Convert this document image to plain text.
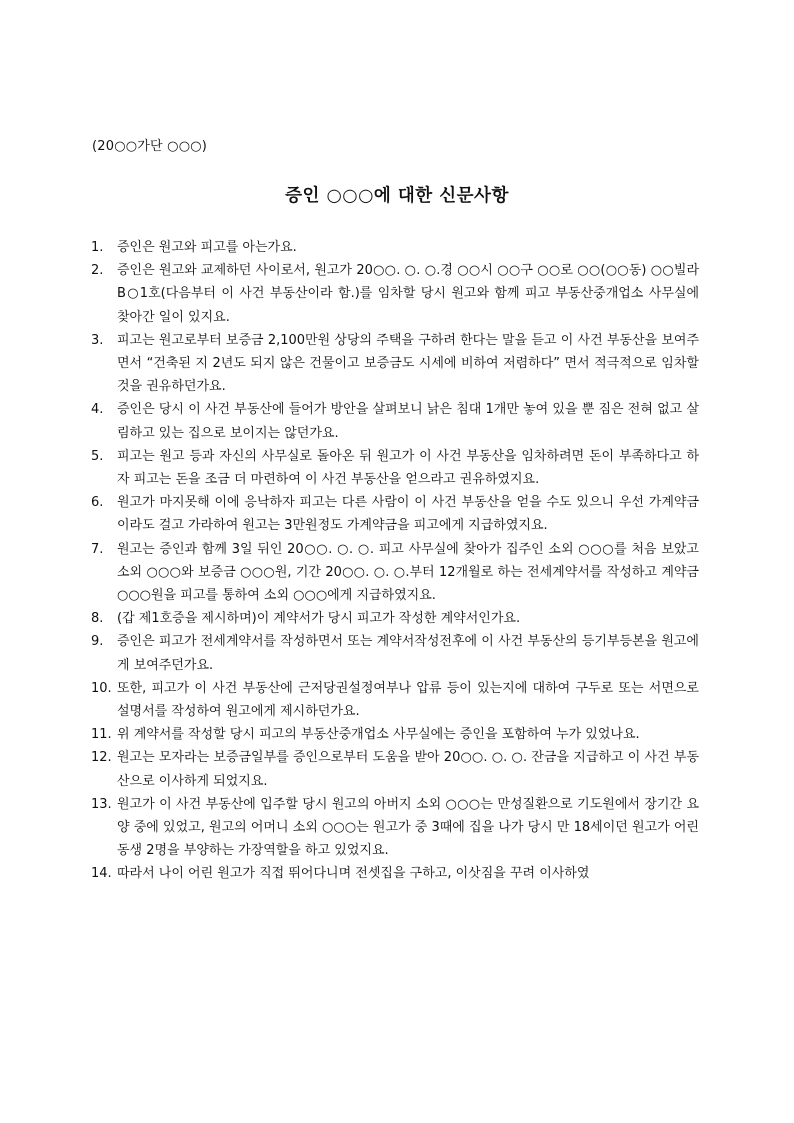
(20○○가단 ○○○)
증인 ○○○에 대한 신문사항
1. 증인은 원고와 피고를 아는가요.
2. 증인은 원고와 교제하던 사이로서, 원고가 20○○. ○. ○.경 ○○시 ○○구 ○○로 ○○(○○동) ○○빌라 B○1호(다음부터 이 사건 부동산이라 함.)를 임차할 당시 원고와 함께 피고 부동산중개업소 사무실에 찾아간 일이 있지요.
3. 피고는 원고로부터 보증금 2,100만원 상당의 주택을 구하려 한다는 말을 듣고 이 사건 부동산을 보여주면서 “건축된 지 2년도 되지 않은 건물이고 보증금도 시세에 비하여 저렴하다” 면서 적극적으로 임차할 것을 권유하던가요.
4. 증인은 당시 이 사건 부동산에 들어가 방안을 살펴보니 낡은 침대 1개만 놓여 있을 뿐 짐은 전혀 없고 살림하고 있는 집으로 보이지는 않던가요.
5. 피고는 원고 등과 자신의 사무실로 돌아온 뒤 원고가 이 사건 부동산을 임차하려면 돈이 부족하다고 하자 피고는 돈을 조금 더 마련하여 이 사건 부동산을 얻으라고 권유하였지요.
6. 원고가 마지못해 이에 응낙하자 피고는 다른 사람이 이 사건 부동산을 얻을 수도 있으니 우선 가계약금이라도 걸고 가라하여 원고는 3만원정도 가계약금을 피고에게 지급하였지요.
7. 원고는 증인과 함께 3일 뒤인 20○○. ○. ○. 피고 사무실에 찾아가 집주인 소외 ○○○를 처음 보았고 소외 ○○○와 보증금 ○○○원, 기간 20○○. ○. ○.부터 12개월로 하는 전세계약서를 작성하고 계약금 ○○○원을 피고를 통하여 소외 ○○○에게 지급하였지요.
8. (갑 제1호증을 제시하며)이 계약서가 당시 피고가 작성한 계약서인가요.
9. 증인은 피고가 전세계약서를 작성하면서 또는 계약서작성전후에 이 사건 부동산의 등기부등본을 원고에게 보여주던가요.
10. 또한, 피고가 이 사건 부동산에 근저당권설정여부나 압류 등이 있는지에 대하여 구두로 또는 서면으로 설명서를 작성하여 원고에게 제시하던가요.
11. 위 계약서를 작성할 당시 피고의 부동산중개업소 사무실에는 증인을 포함하여 누가 있었나요.
12. 원고는 모자라는 보증금일부를 증인으로부터 도움을 받아 20○○. ○. ○. 잔금을 지급하고 이 사건 부동산으로 이사하게 되었지요.
13. 원고가 이 사건 부동산에 입주할 당시 원고의 아버지 소외 ○○○는 만성질환으로 기도원에서 장기간 요양 중에 있었고, 원고의 어머니 소외 ○○○는 원고가 중 3때에 집을 나가 당시 만 18세이던 원고가 어린 동생 2명을 부양하는 가장역할을 하고 있었지요.
14. 따라서 나이 어린 원고가 직접 뛰어다니며 전셋집을 구하고, 이삿짐을 꾸려 이사하였
